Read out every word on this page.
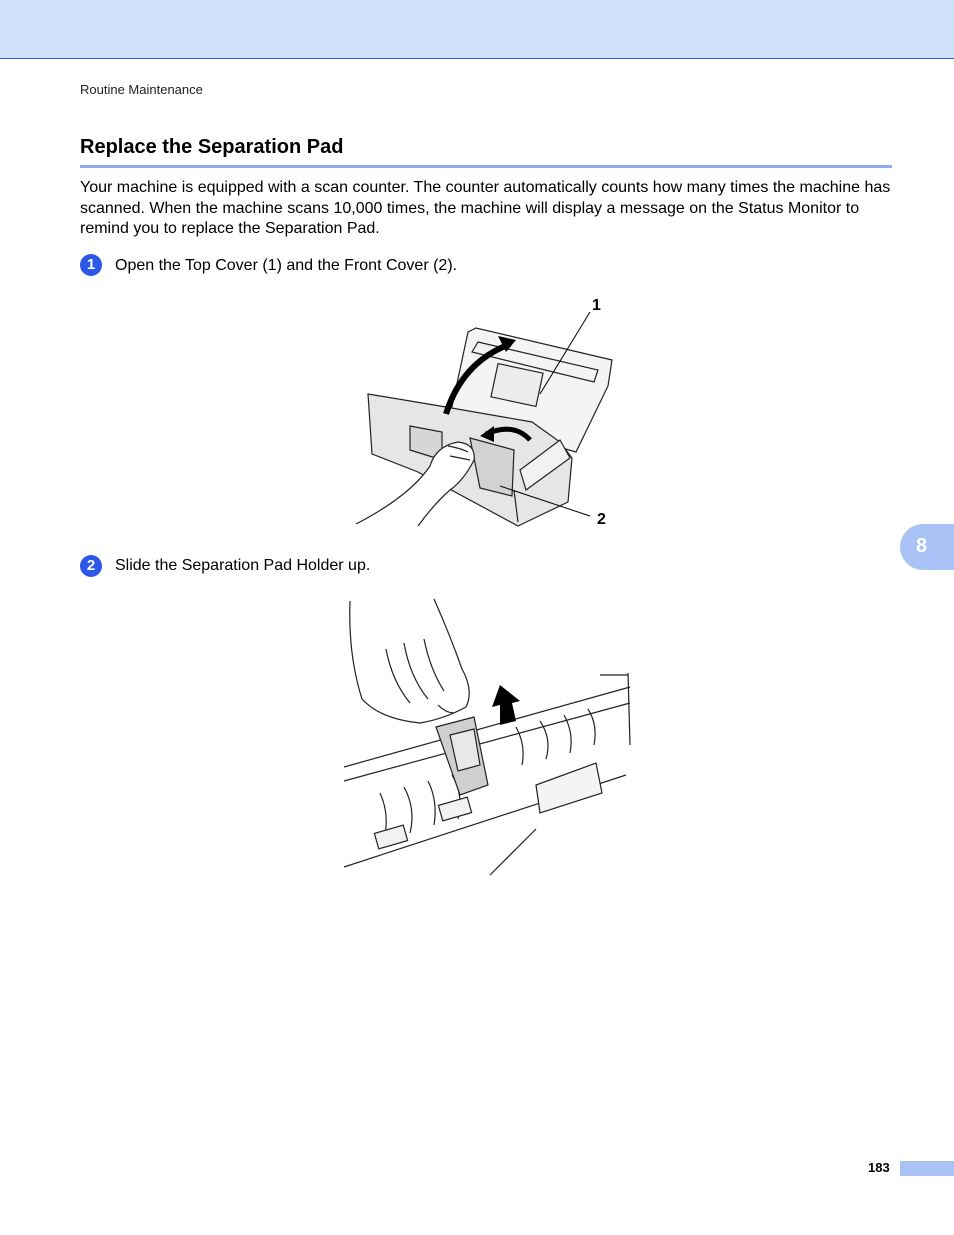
Routine Maintenance
Replace the Separation Pad

Your machine is equipped with a scan counter. The counter automatically counts how many times the machine has scanned. When the machine scans 10,000 times, the machine will display a message on the Status Monitor to remind you to replace the Separation Pad.

1	Open the Top Cover (1) and the Front Cover (2).
1
2
2	Slide the Separation Pad Holder up.
8
183
